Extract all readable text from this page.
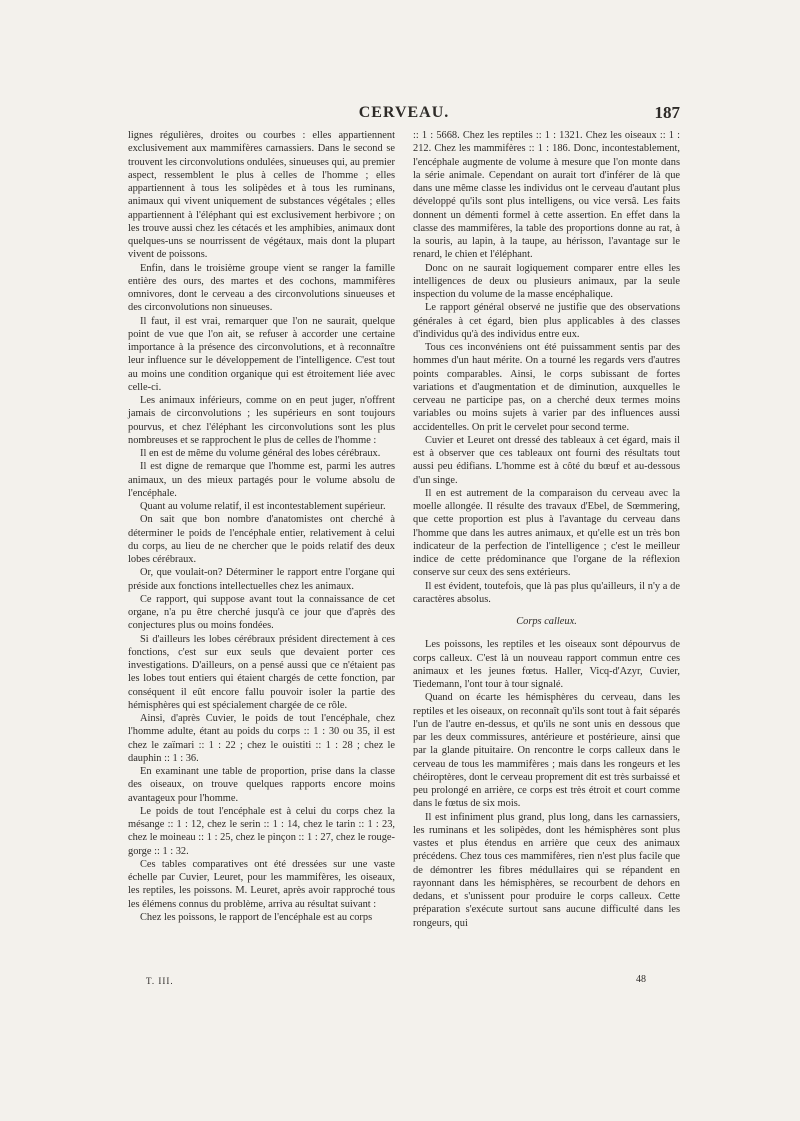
CERVEAU.	187

lignes régulières, droites ou courbes : elles appartiennent exclusivement aux mammifères carnassiers. Dans le second se trouvent les circonvolutions ondulées, sinueuses qui, au premier aspect, ressemblent le plus à celles de l'homme ; elles appartiennent à tous les solipèdes et à tous les ruminans, animaux qui vivent uniquement de substances végétales ; elles appartiennent à l'éléphant qui est exclusivement herbivore ; on les trouve aussi chez les cétacés et les amphibies, animaux dont quelques-uns se nourrissent de végétaux, mais dont la plupart vivent de poissons.

Enfin, dans le troisième groupe vient se ranger la famille entière des ours, des martes et des cochons, mammifères omnivores, dont le cerveau a des circonvolutions sinueuses et des circonvolutions non sinueuses.

Il faut, il est vrai, remarquer que l'on ne saurait, quelque point de vue que l'on ait, se refuser à accorder une certaine importance à la présence des circonvolutions, et à reconnaître leur influence sur le développement de l'intelligence. C'est tout au moins une condition organique qui est étroitement liée avec celle-ci.

Les animaux inférieurs, comme on en peut juger, n'offrent jamais de circonvolutions ; les supérieurs en sont toujours pourvus, et chez l'éléphant les circonvolutions sont les plus nombreuses et se rapprochent le plus de celles de l'homme :

Il en est de même du volume général des lobes cérébraux.

Il est digne de remarque que l'homme est, parmi les autres animaux, un des mieux partagés pour le volume absolu de l'encéphale.

Quant au volume relatif, il est incontestablement supérieur.

On sait que bon nombre d'anatomistes ont cherché à déterminer le poids de l'encéphale entier, relativement à celui du corps, au lieu de ne chercher que le poids relatif des deux lobes cérébraux.

Or, que voulait-on? Déterminer le rapport entre l'organe qui préside aux fonctions intellectuelles chez les animaux.

Ce rapport, qui suppose avant tout la connaissance de cet organe, n'a pu être cherché jusqu'à ce jour que d'après des conjectures plus ou moins fondées.

Si d'ailleurs les lobes cérébraux président directement à ces fonctions, c'est sur eux seuls que devaient porter ces investigations. D'ailleurs, on a pensé aussi que ce n'étaient pas les lobes tout entiers qui étaient chargés de cette fonction, par conséquent il eût encore fallu pouvoir isoler la partie des hémisphères qui est spécialement chargée de ce rôle.

Ainsi, d'après Cuvier, le poids de tout l'encéphale, chez l'homme adulte, étant au poids du corps :: 1 : 30 ou 35, il est chez le zaïmari :: 1 : 22 ; chez le ouistiti :: 1 : 28 ; chez le dauphin :: 1 : 36.

En examinant une table de proportion, prise dans la classe des oiseaux, on trouve quelques rapports encore moins avantageux pour l'homme.

Le poids de tout l'encéphale est à celui du corps chez la mésange :: 1 : 12, chez le serin :: 1 : 14, chez le tarin :: 1 : 23, chez le moineau :: 1 : 25, chez le pinçon :: 1 : 27, chez le rouge-gorge :: 1 : 32.

Ces tables comparatives ont été dressées sur une vaste échelle par Cuvier, Leuret, pour les mammifères, les oiseaux, les reptiles, les poissons. M. Leuret, après avoir rapproché tous les élémens connus du problème, arriva au résultat suivant :

Chez les poissons, le rapport de l'encéphale est au corps

:: 1 : 5668. Chez les reptiles :: 1 : 1321. Chez les oiseaux :: 1 : 212. Chez les mammifères :: 1 : 186. Donc, incontestablement, l'encéphale augmente de volume à mesure que l'on monte dans la série animale. Cependant on aurait tort d'inférer de là que dans une même classe les individus ont le cerveau d'autant plus développé qu'ils sont plus intelligens, ou vice versâ. Les faits donnent un démenti formel à cette assertion. En effet dans la classe des mammifères, la table des proportions donne au rat, à la souris, au lapin, à la taupe, au hérisson, l'avantage sur le renard, le chien et l'éléphant.

Donc on ne saurait logiquement comparer entre elles les intelligences de deux ou plusieurs animaux, par la seule inspection du volume de la masse encéphalique.

Le rapport général observé ne justifie que des observations générales à cet égard, bien plus applicables à des classes d'individus qu'à des individus entre eux.

Tous ces inconvéniens ont été puissamment sentis par des hommes d'un haut mérite. On a tourné les regards vers d'autres points comparables. Ainsi, le corps subissant de fortes variations et d'augmentation et de diminution, auxquelles le cerveau ne participe pas, on a cherché deux termes moins variables ou moins sujets à varier par des influences aussi accidentelles. On prit le cervelet pour second terme.

Cuvier et Leuret ont dressé des tableaux à cet égard, mais il est à observer que ces tableaux ont fourni des résultats tout aussi peu édifians. L'homme est à côté du bœuf et au-dessous d'un singe.

Il en est autrement de la comparaison du cerveau avec la moelle allongée. Il résulte des travaux d'Ebel, de Sœmmering, que cette proportion est plus à l'avantage du cerveau dans l'homme que dans les autres animaux, et qu'elle est un très bon indicateur de la perfection de l'intelligence ; c'est le meilleur indice de cette prédominance que l'organe de la réflexion conserve sur ceux des sens extérieurs.

Il est évident, toutefois, que là pas plus qu'ailleurs, il n'y a de caractères absolus.

Corps calleux.

Les poissons, les reptiles et les oiseaux sont dépourvus de corps calleux. C'est là un nouveau rapport commun entre ces animaux et les jeunes fœtus. Haller, Vicq-d'Azyr, Cuvier, Tiedemann, l'ont tour à tour signalé.

Quand on écarte les hémisphères du cerveau, dans les reptiles et les oiseaux, on reconnaît qu'ils sont tout à fait séparés l'un de l'autre en-dessus, et qu'ils ne sont unis en dessous que par les deux commissures, antérieure et postérieure, ainsi que par la glande pituitaire. On rencontre le corps calleux dans le cerveau de tous les mammifères ; mais dans les rongeurs et les chéiroptères, dont le cerveau proprement dit est très surbaissé et peu prolongé en arrière, ce corps est très étroit et court comme dans le fœtus de six mois.

Il est infiniment plus grand, plus long, dans les carnassiers, les ruminans et les solipèdes, dont les hémisphères sont plus vastes et plus étendus en arrière que ceux des animaux précédens. Chez tous ces mammifères, rien n'est plus facile que de démontrer les fibres médullaires qui se répandent en rayonnant dans les hémisphères, se recourbent de dehors en dedans, et s'unissent pour produire le corps calleux. Cette préparation s'exécute surtout sans aucune difficulté dans les rongeurs, qui

T. III.	48
